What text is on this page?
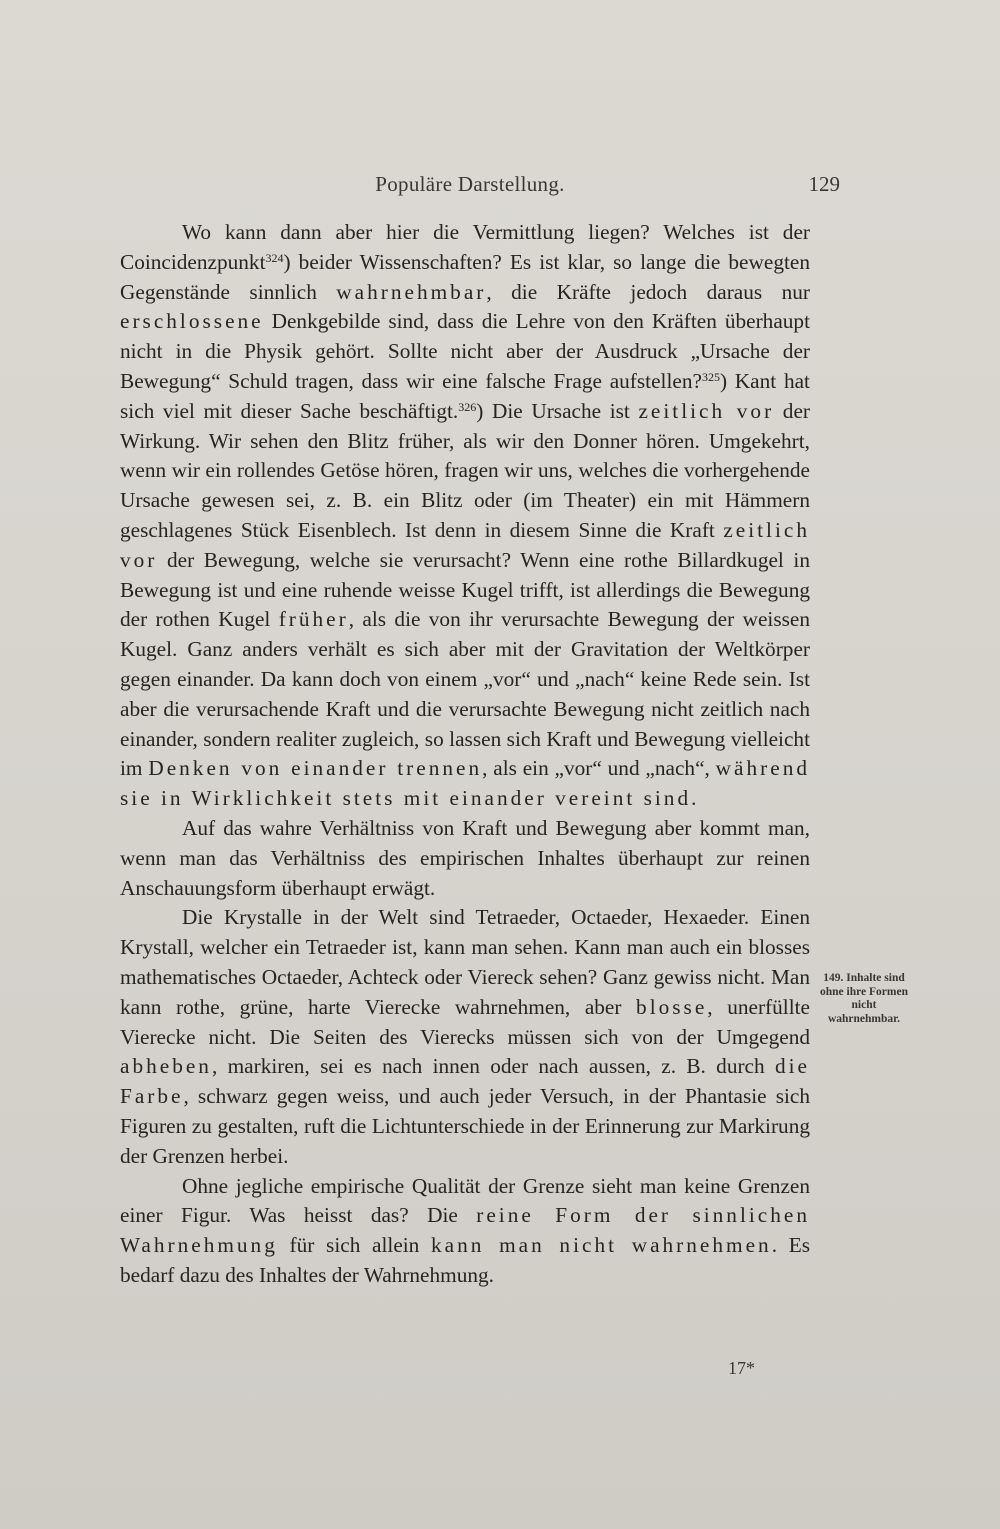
Populäre Darstellung.	129

Wo kann dann aber hier die Vermittlung liegen? Welches ist der Coincidenzpunkt$^{324}$) beider Wissenschaften? Es ist klar, so lange die bewegten Gegenstände sinnlich wahrnehmbar, die Kräfte jedoch daraus nur erschlossene Denkgebilde sind, dass die Lehre von den Kräften überhaupt nicht in die Physik gehört. Sollte nicht aber der Ausdruck „Ursache der Bewegung“ Schuld tragen, dass wir eine falsche Frage aufstellen?$^{325}$) Kant hat sich viel mit dieser Sache beschäftigt.$^{326}$) Die Ursache ist zeitlich vor der Wirkung. Wir sehen den Blitz früher, als wir den Donner hören. Umgekehrt, wenn wir ein rollendes Getöse hören, fragen wir uns, welches die vorhergehende Ursache gewesen sei, z. B. ein Blitz oder (im Theater) ein mit Hämmern geschlagenes Stück Eisenblech. Ist denn in diesem Sinne die Kraft zeitlich vor der Bewegung, welche sie verursacht? Wenn eine rothe Billardkugel in Bewegung ist und eine ruhende weisse Kugel trifft, ist allerdings die Bewegung der rothen Kugel früher, als die von ihr verursachte Bewegung der weissen Kugel. Ganz anders verhält es sich aber mit der Gravitation der Weltkörper gegen einander. Da kann doch von einem „vor“ und „nach“ keine Rede sein. Ist aber die verursachende Kraft und die verursachte Bewegung nicht zeitlich nach einander, sondern realiter zugleich, so lassen sich Kraft und Bewegung vielleicht im Denken von einander trennen, als ein „vor“ und „nach“, während sie in Wirklichkeit stets mit einander vereint sind.

Auf das wahre Verhältniss von Kraft und Bewegung aber kommt man, wenn man das Verhältniss des empirischen Inhaltes überhaupt zur reinen Anschauungsform überhaupt erwägt.

Die Krystalle in der Welt sind Tetraeder, Octaeder, Hexaeder. Einen Krystall, welcher ein Tetraeder ist, kann man sehen. Kann man auch ein blosses mathematisches Octaeder, Achteck oder Viereck sehen? Ganz gewiss nicht. Man kann rothe, grüne, harte Vierecke wahrnehmen, aber blosse, unerfüllte Vierecke nicht. Die Seiten des Vierecks müssen sich von der Umgegend abheben, markiren, sei es nach innen oder nach aussen, z. B. durch die Farbe, schwarz gegen weiss, und auch jeder Versuch, in der Phantasie sich Figuren zu gestalten, ruft die Lichtunterschiede in der Erinnerung zur Markirung der Grenzen herbei.

Ohne jegliche empirische Qualität der Grenze sieht man keine Grenzen einer Figur. Was heisst das? Die reine Form der sinnlichen Wahrnehmung für sich allein kann man nicht wahrnehmen. Es bedarf dazu des Inhaltes der Wahrnehmung.

149. Inhalte sind ohne ihre Formen nicht wahrnehmbar.
17*
